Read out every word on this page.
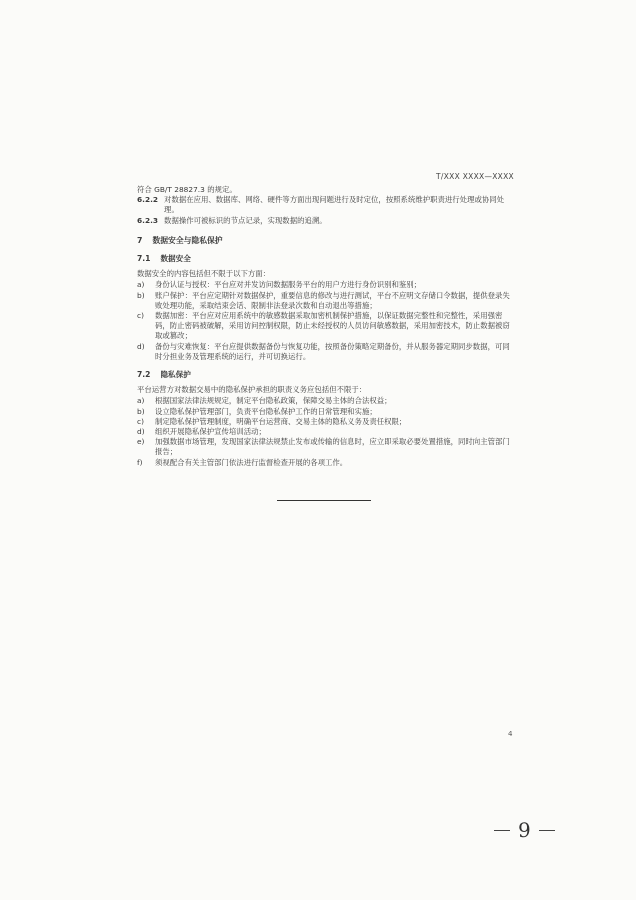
T/XXX XXXX—XXXX

符合 GB/T 28827.3 的规定。

6.2.2 对数据在应用、数据库、网络、硬件等方面出现问题进行及时定位，按照系统维护职责进行处理或协同处理。
6.2.3 数据操作可被标识的节点记录，实现数据的追溯。
7 数据安全与隐私保护
7.1 数据安全

数据安全的内容包括但不限于以下方面：

a)	身份认证与授权：平台应对并发访问数据服务平台的用户方进行身份识别和鉴别；
b)	账户保护：平台应定期针对数据保护，重要信息的修改与进行测试，平台不应明文存储口令数据，提供登录失败处理功能，采取结束会话、限制非法登录次数和自动退出等措施；
c)	数据加密：平台应对应用系统中的敏感数据采取加密机制保护措施，以保证数据完整性和完整性，采用强密码，防止密码被破解，采用访问控制权限，防止未经授权的人员访问敏感数据，采用加密技术，防止数据被窃取或篡改；
d)	备份与灾难恢复：平台应提供数据备份与恢复功能，按照备份策略定期备份，并从服务器定期同步数据，可同时分担业务及管理系统的运行，并可切换运行。
7.2 隐私保护

平台运营方对数据交易中的隐私保护承担的职责义务应包括但不限于：

a)	根据国家法律法规规定，制定平台隐私政策，保障交易主体的合法权益；
b)	设立隐私保护管理部门，负责平台隐私保护工作的日常管理和实施；
c)	制定隐私保护管理制度，明确平台运营商、交易主体的隐私义务及责任权限；
d)	组织开展隐私保护宣传培训活动；
e)	加强数据市场管理，发现国家法律法规禁止发布或传输的信息时，应立即采取必要处置措施，同时向主管部门报告；
f)	须视配合有关主管部门依法进行监督检查开展的各项工作。
4
9
